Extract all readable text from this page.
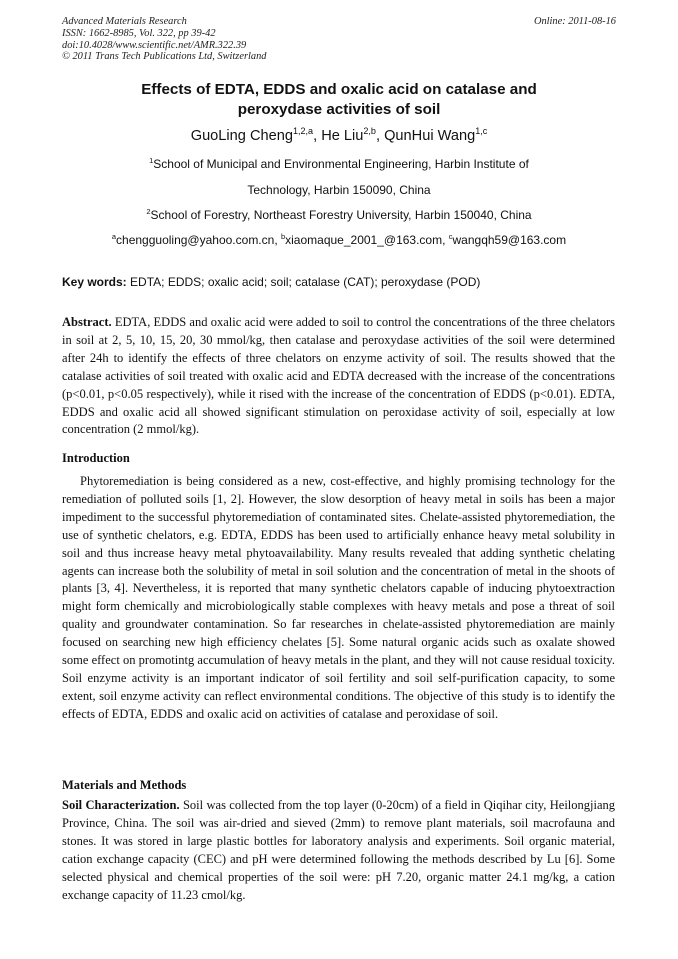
Advanced Materials Research
ISSN: 1662-8985, Vol. 322, pp 39-42
doi:10.4028/www.scientific.net/AMR.322.39
© 2011 Trans Tech Publications Ltd, Switzerland
Online: 2011-08-16
Effects of EDTA, EDDS and oxalic acid on catalase and
peroxydase activities of soil
GuoLing Cheng$^{1,2,a}$, He Liu$^{2,b}$, QunHui Wang$^{1,c}$
$^1$School of Municipal and Environmental Engineering, Harbin Institute of
Technology, Harbin 150090, China
$^2$School of Forestry, Northeast Forestry University, Harbin 150040, China
$^a$chengguoling@yahoo.com.cn, $^b$xiaomaque_2001_@163.com, $^c$wangqh59@163.com
Key words: EDTA; EDDS; oxalic acid; soil; catalase (CAT); peroxydase (POD)
Abstract. EDTA, EDDS and oxalic acid were added to soil to control the concentrations of the three chelators in soil at 2, 5, 10, 15, 20, 30 mmol/kg, then catalase and peroxydase activities of the soil were determined after 24h to identify the effects of three chelators on enzyme activity of soil. The results showed that the catalase activities of soil treated with oxalic acid and EDTA decreased with the increase of the concentrations (p<0.01, p<0.05 respectively), while it rised with the increase of the concentration of EDDS (p<0.01). EDTA, EDDS and oxalic acid all showed significant stimulation on peroxidase activity of soil, especially at low concentration (2 mmol/kg).
Introduction
Phytoremediation is being considered as a new, cost-effective, and highly promising technology for the remediation of polluted soils [1, 2]. However, the slow desorption of heavy metal in soils has been a major impediment to the successful phytoremediation of contaminated sites. Chelate-assisted phytoremediation, the use of synthetic chelators, e.g. EDTA, EDDS has been used to artificially enhance heavy metal solubility in soil and thus increase heavy metal phytoavailability. Many results revealed that adding synthetic chelating agents can increase both the solubility of metal in soil solution and the concentration of metal in the shoots of plants [3, 4]. Nevertheless, it is reported that many synthetic chelators capable of inducing phytoextraction might form chemically and microbiologically stable complexes with heavy metals and pose a threat of soil quality and groundwater contamination. So far researches in chelate-assisted phytoremediation are mainly focused on searching new high efficiency chelates [5]. Some natural organic acids such as oxalate showed some effect on promotintg accumulation of heavy metals in the plant, and they will not cause residual toxicity. Soil enzyme activity is an important indicator of soil fertility and soil self-purification capacity, to some extent, soil enzyme activity can reflect environmental conditions. The objective of this study is to identify the effects of EDTA, EDDS and oxalic acid on activities of catalase and peroxidase of soil.
Materials and Methods
Soil Characterization. Soil was collected from the top layer (0-20cm) of a field in Qiqihar city, Heilongjiang Province, China. The soil was air-dried and sieved (2mm) to remove plant materials, soil macrofauna and stones. It was stored in large plastic bottles for laboratory analysis and experiments. Soil organic material, cation exchange capacity (CEC) and pH were determined following the methods described by Lu [6]. Some selected physical and chemical properties of the soil were: pH 7.20, organic matter 24.1 mg/kg, a cation exchange capacity of 11.23 cmol/kg.
